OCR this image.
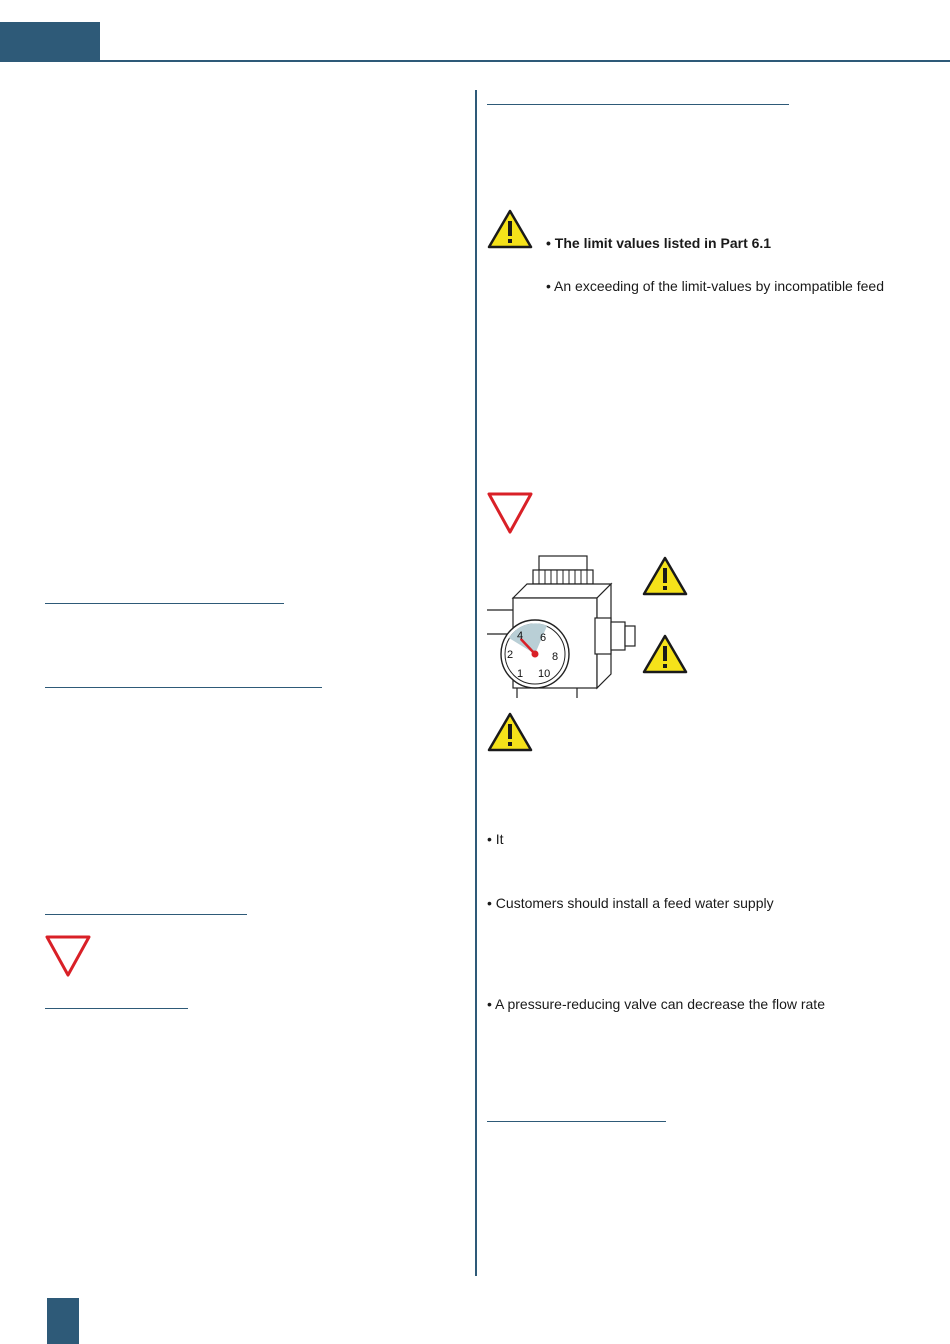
• The limit values listed in Part 6.1
• An exceeding of the limit-values by incompatible feed
1
2
4 6
8
10
• It
• Customers should install a feed water supply
• A pressure-reducing valve can decrease the flow rate
